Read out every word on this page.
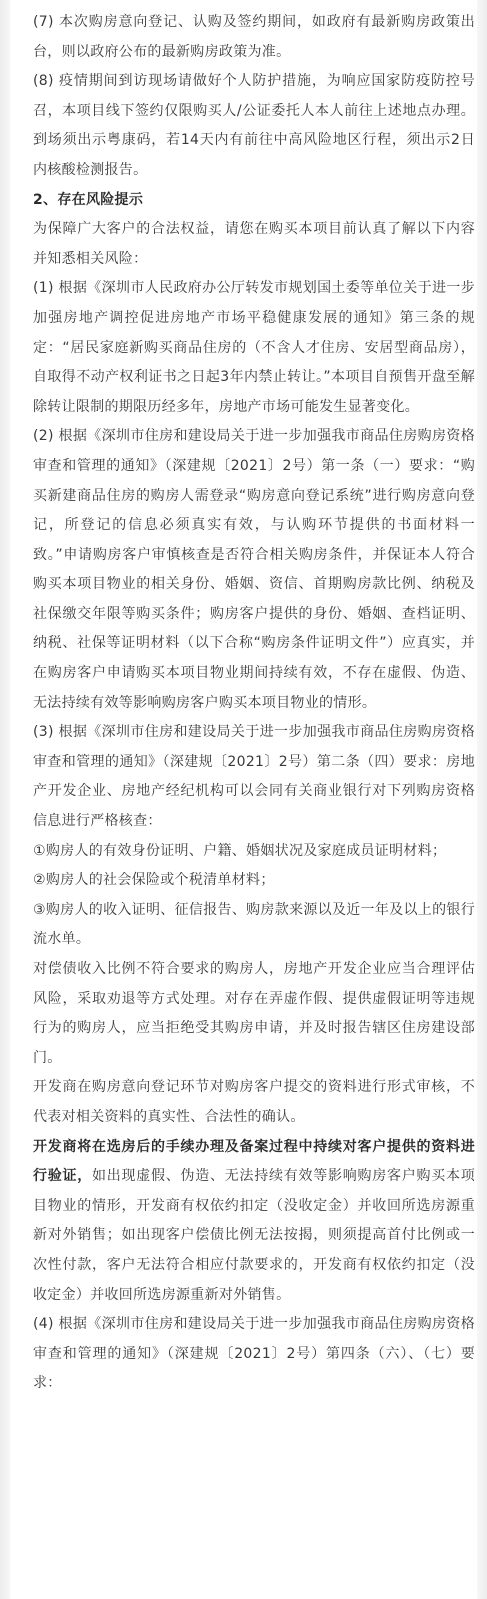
(7) 本次购房意向登记、认购及签约期间，如政府有最新购房政策出台，则以政府公布的最新购房政策为准。

(8) 疫情期间到访现场请做好个人防护措施，为响应国家防疫防控号召，本项目线下签约仅限购买人/公证委托人本人前往上述地点办理。到场须出示粤康码，若14天内有前往中高风险地区行程，须出示2日内核酸检测报告。

2、存在风险提示

为保障广大客户的合法权益，请您在购买本项目前认真了解以下内容并知悉相关风险：

(1) 根据《深圳市人民政府办公厅转发市规划国土委等单位关于进一步加强房地产调控促进房地产市场平稳健康发展的通知》第三条的规定：“居民家庭新购买商品住房的（不含人才住房、安居型商品房），自取得不动产权利证书之日起3年内禁止转让。”本项目自预售开盘至解除转让限制的期限历经多年，房地产市场可能发生显著变化。

(2) 根据《深圳市住房和建设局关于进一步加强我市商品住房购房资格审查和管理的通知》（深建规〔2021〕2号）第一条（一）要求：“购买新建商品住房的购房人需登录“购房意向登记系统”进行购房意向登记，所登记的信息必须真实有效，与认购环节提供的书面材料一致。”申请购房客户审慎核查是否符合相关购房条件，并保证本人符合购买本项目物业的相关身份、婚姻、资信、首期购房款比例、纳税及社保缴交年限等购买条件；购房客户提供的身份、婚姻、查档证明、纳税、社保等证明材料（以下合称“购房条件证明文件”）应真实，并在购房客户申请购买本项目物业期间持续有效，不存在虚假、伪造、无法持续有效等影响购房客户购买本项目物业的情形。

(3) 根据《深圳市住房和建设局关于进一步加强我市商品住房购房资格审查和管理的通知》（深建规〔2021〕2号）第二条（四）要求：房地产开发企业、房地产经纪机构可以会同有关商业银行对下列购房资格信息进行严格核查：

①购房人的有效身份证明、户籍、婚姻状况及家庭成员证明材料；

②购房人的社会保险或个税清单材料；

③购房人的收入证明、征信报告、购房款来源以及近一年及以上的银行流水单。

对偿债收入比例不符合要求的购房人，房地产开发企业应当合理评估风险，采取劝退等方式处理。对存在弄虚作假、提供虚假证明等违规行为的购房人，应当拒绝受其购房申请，并及时报告辖区住房建设部门。

开发商在购房意向登记环节对购房客户提交的资料进行形式审核，不代表对相关资料的真实性、合法性的确认。

开发商将在选房后的手续办理及备案过程中持续对客户提供的资料进行验证，如出现虚假、伪造、无法持续有效等影响购房客户购买本项目物业的情形，开发商有权依约扣定（没收定金）并收回所选房源重新对外销售；如出现客户偿债比例无法按揭，则须提高首付比例或一次性付款，客户无法符合相应付款要求的，开发商有权依约扣定（没收定金）并收回所选房源重新对外销售。

(4) 根据《深圳市住房和建设局关于进一步加强我市商品住房购房资格审查和管理的通知》（深建规〔2021〕2号）第四条（六）、（七）要求：
